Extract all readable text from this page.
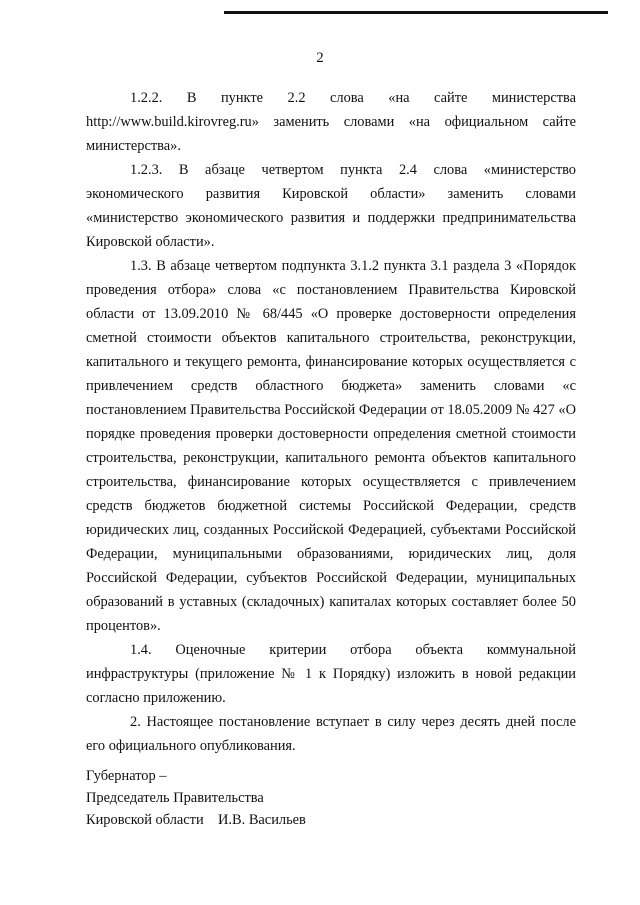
2

1.2.2. В пункте 2.2 слова «на сайте министерства http://www.build.kirovreg.ru» заменить словами «на официальном сайте министерства».

1.2.3. В абзаце четвертом пункта 2.4 слова «министерство экономического развития Кировской области» заменить словами «министерство экономического развития и поддержки предпринимательства Кировской области».

1.3. В абзаце четвертом подпункта 3.1.2 пункта 3.1 раздела 3 «Порядок проведения отбора» слова «с постановлением Правительства Кировской области от 13.09.2010 № 68/445 «О проверке достоверности определения сметной стоимости объектов капитального строительства, реконструкции, капитального и текущего ремонта, финансирование которых осуществляется с привлечением средств областного бюджета» заменить словами «с постановлением Правительства Российской Федерации от 18.05.2009 № 427 «О порядке проведения проверки достоверности определения сметной стоимости строительства, реконструкции, капитального ремонта объектов капитального строительства, финансирование которых осуществляется с привлечением средств бюджетов бюджетной системы Российской Федерации, средств юридических лиц, созданных Российской Федерацией, субъектами Российской Федерации, муниципальными образованиями, юридических лиц, доля Российской Федерации, субъектов Российской Федерации, муниципальных образований в уставных (складочных) капиталах которых составляет более 50 процентов».

1.4. Оценочные критерии отбора объекта коммунальной инфраструктуры (приложение № 1 к Порядку) изложить в новой редакции согласно приложению.

2. Настоящее постановление вступает в силу через десять дней после его официального опубликования.

Губернатор –
Председатель Правительства
Кировской области    И.В. Васильев
